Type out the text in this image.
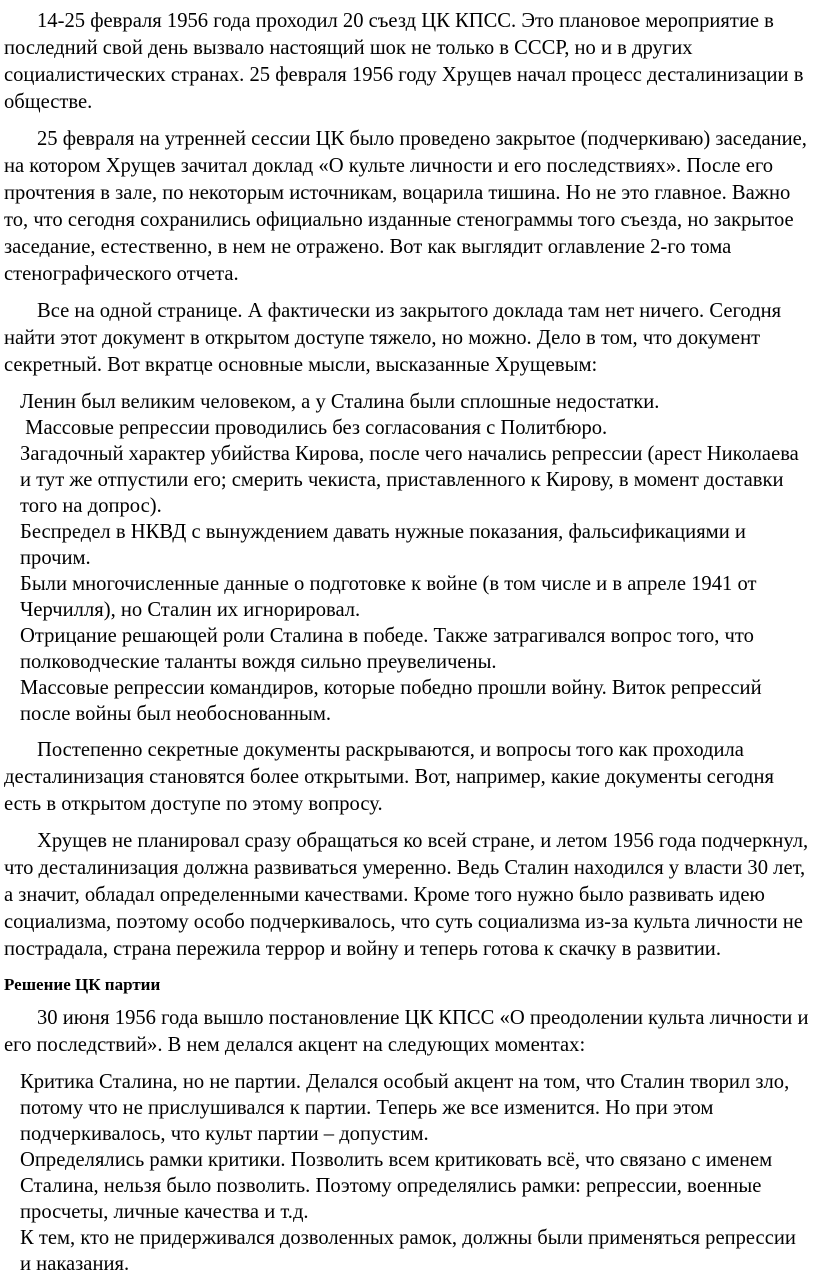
14-25 февраля 1956 года проходил 20 съезд ЦК КПСС. Это плановое мероприятие в последний свой день вызвало настоящий шок не только в СССР, но и в других социалистических странах. 25 февраля 1956 году Хрущев начал процесс десталинизации в обществе.

25 февраля на утренней сессии ЦК было проведено закрытое (подчеркиваю) заседание, на котором Хрущев зачитал доклад «О культе личности и его последствиях». После его прочтения в зале, по некоторым источникам, воцарила тишина. Но не это главное. Важно то, что сегодня сохранились официально изданные стенограммы того съезда, но закрытое заседание, естественно, в нем не отражено. Вот как выглядит оглавление 2-го тома стенографического отчета.

Все на одной странице. А фактически из закрытого доклада там нет ничего. Сегодня найти этот документ в открытом доступе тяжело, но можно. Дело в том, что документ секретный. Вот вкратце основные мысли, высказанные Хрущевым:

Ленин был великим человеком, а у Сталина были сплошные недостатки.
Массовые репрессии проводились без согласования с Политбюро.
Загадочный характер убийства Кирова, после чего начались репрессии (арест Николаева и тут же отпустили его; смерить чекиста, приставленного к Кирову, в момент доставки того на допрос).
Беспредел в НКВД с вынуждением давать нужные показания, фальсификациями и прочим.
Были многочисленные данные о подготовке к войне (в том числе и в апреле 1941 от Черчилля), но Сталин их игнорировал.
Отрицание решающей роли Сталина в победе. Также затрагивался вопрос того, что полководческие таланты вождя сильно преувеличены.
Массовые репрессии командиров, которые победно прошли войну. Виток репрессий после войны был необоснованным.

Постепенно секретные документы раскрываются, и вопросы того как проходила десталинизация становятся более открытыми. Вот, например, какие документы сегодня есть в открытом доступе по этому вопросу.

Хрущев не планировал сразу обращаться ко всей стране, и летом 1956 года подчеркнул, что десталинизация должна развиваться умеренно. Ведь Сталин находился у власти 30 лет, а значит, обладал определенными качествами. Кроме того нужно было развивать идею социализма, поэтому особо подчеркивалось, что суть социализма из-за культа личности не пострадала, страна пережила террор и войну и теперь готова к скачку в развитии.

Решение ЦК партии

30 июня 1956 года вышло постановление ЦК КПСС «О преодолении культа личности и его последствий». В нем делался акцент на следующих моментах:

Критика Сталина, но не партии. Делался особый акцент на том, что Сталин творил зло, потому что не прислушивался к партии. Теперь же все изменится. Но при этом подчеркивалось, что культ партии – допустим.
Определялись рамки критики. Позволить всем критиковать всё, что связано с именем Сталина, нельзя было позволить. Поэтому определялись рамки: репрессии, военные просчеты, личные качества и т.д.
К тем, кто не придерживался дозволенных рамок, должны были применяться репрессии и наказания.
